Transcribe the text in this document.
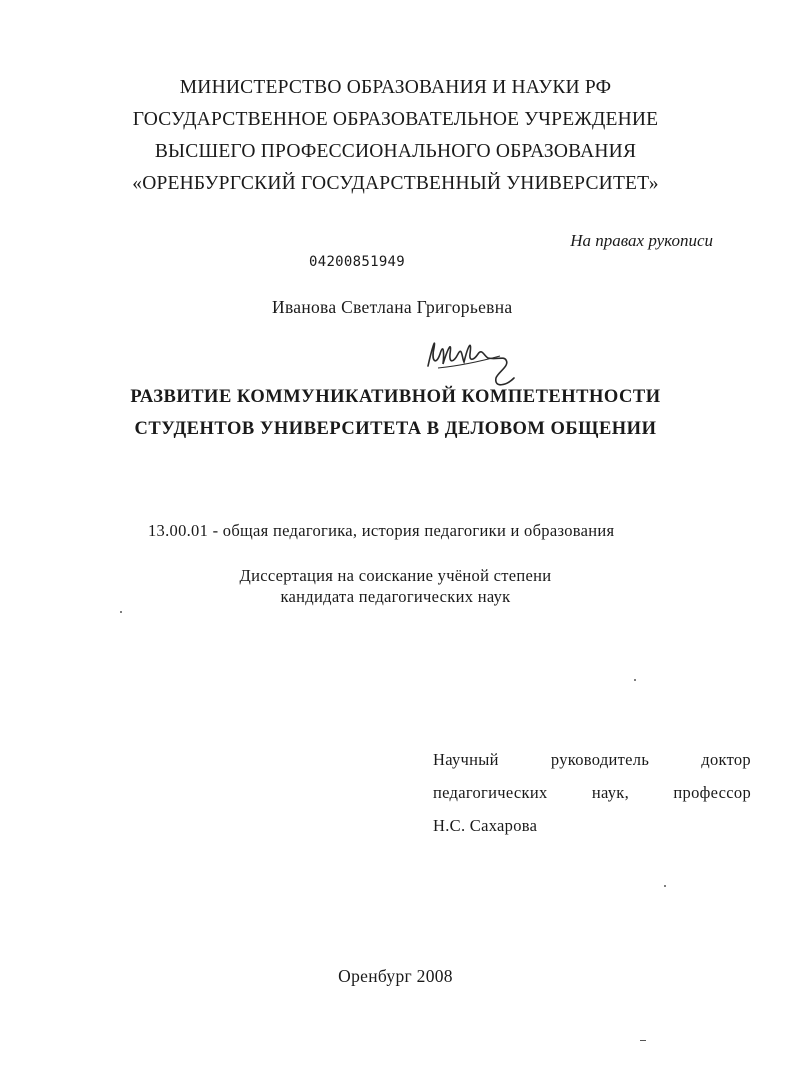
МИНИСТЕРСТВО ОБРАЗОВАНИЯ И НАУКИ РФ
ГОСУДАРСТВЕННОЕ ОБРАЗОВАТЕЛЬНОЕ УЧРЕЖДЕНИЕ
ВЫСШЕГО ПРОФЕССИОНАЛЬНОГО ОБРАЗОВАНИЯ
«ОРЕНБУРГСКИЙ ГОСУДАРСТВЕННЫЙ УНИВЕРСИТЕТ»
На правах рукописи
04200851949
Иванова Светлана Григорьевна
РАЗВИТИЕ КОММУНИКАТИВНОЙ КОМПЕТЕНТНОСТИ
СТУДЕНТОВ УНИВЕРСИТЕТА В ДЕЛОВОМ ОБЩЕНИИ
13.00.01 - общая педагогика, история педагогики и образования
Диссертация на соискание учёной степени
кандидата педагогических наук
Научный	руководитель	доктор
педагогических	наук,	профессор
Н.С. Сахарова
Оренбург 2008
